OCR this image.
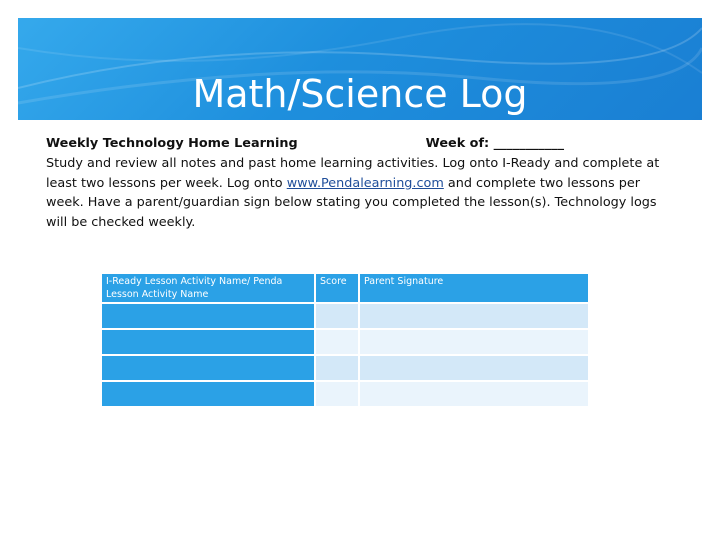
Math/Science Log
Weekly Technology Home Learning	Week of: ___________
Study and review all notes and past home learning activities. Log onto I-Ready and complete at least two lessons per week. Log onto www.Pendalearning.com and complete two lessons per week. Have a parent/guardian sign below stating you completed the lesson(s). Technology logs will be checked weekly.
I-Ready Lesson Activity Name/ Penda Lesson Activity Name	Score	Parent Signature
